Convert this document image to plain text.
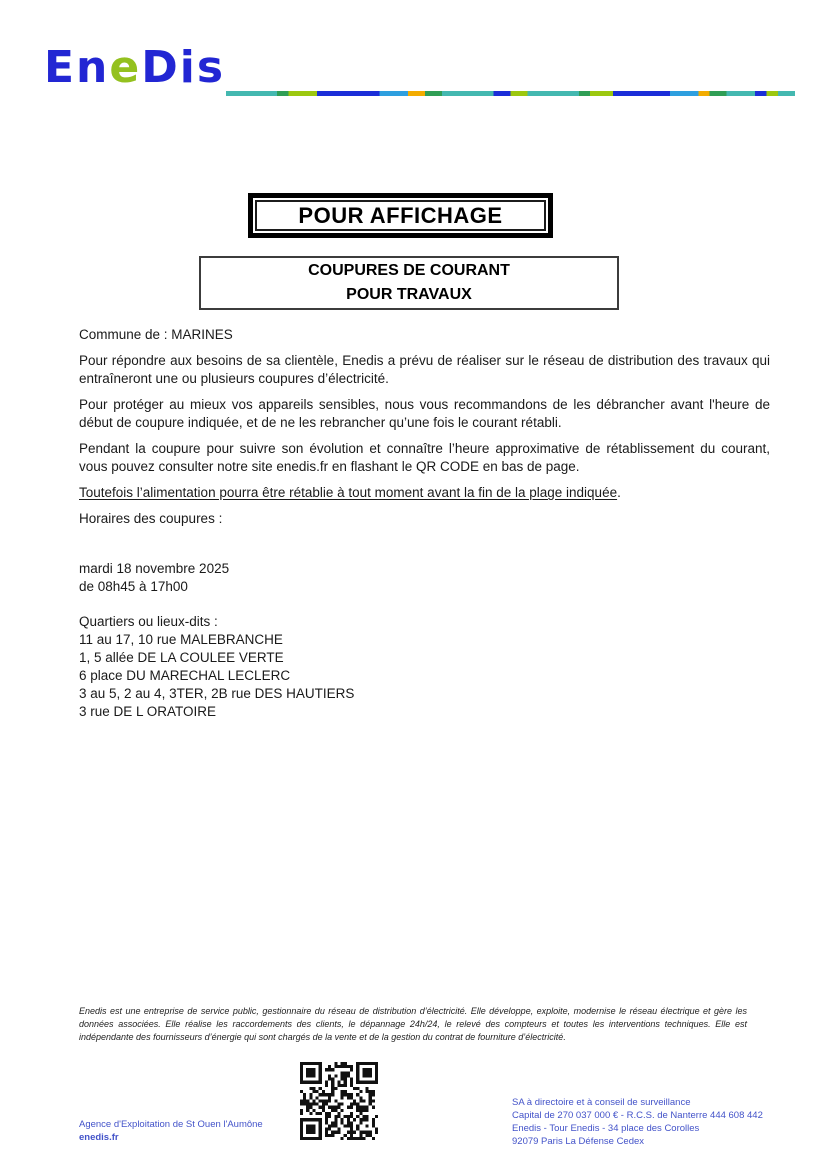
EneDis
POUR AFFICHAGE
COUPURES DE COURANT
POUR TRAVAUX

Commune de : MARINES

Pour répondre aux besoins de sa clientèle, Enedis a prévu de réaliser sur le réseau de distribution des travaux qui entraîneront une ou plusieurs coupures d’électricité.

Pour protéger au mieux vos appareils sensibles, nous vous recommandons de les débrancher avant l'heure de début de coupure indiquée, et de ne les rebrancher qu’une fois le courant rétabli.

Pendant la coupure pour suivre son évolution et connaître l’heure approximative de rétablissement du courant, vous pouvez consulter notre site enedis.fr en flashant le QR CODE en bas de page.

Toutefois l’alimentation pourra être rétablie à tout moment avant la fin de la plage indiquée.

Horaires des coupures :

mardi 18 novembre 2025
de 08h45 à 17h00
Quartiers ou lieux-dits :
11 au 17, 10 rue MALEBRANCHE
1, 5 allée DE LA COULEE VERTE
6 place DU MARECHAL LECLERC
3 au 5, 2 au 4, 3TER, 2B rue DES HAUTIERS
3 rue DE L ORATOIRE
Enedis est une entreprise de service public, gestionnaire du réseau de distribution d’électricité. Elle développe, exploite, modernise le réseau électrique et gère les données associées. Elle réalise les raccordements des clients, le dépannage 24h/24, le relevé des compteurs et toutes les interventions techniques. Elle est indépendante des fournisseurs d’énergie qui sont chargés de la vente et de la gestion du contrat de fourniture d’électricité.
Agence d'Exploitation de St Ouen l'Aumône
enedis.fr
SA à directoire et à conseil de surveillance
Capital de 270 037 000 € - R.C.S. de Nanterre 444 608 442
Enedis - Tour Enedis - 34 place des Corolles
92079 Paris La Défense Cedex
